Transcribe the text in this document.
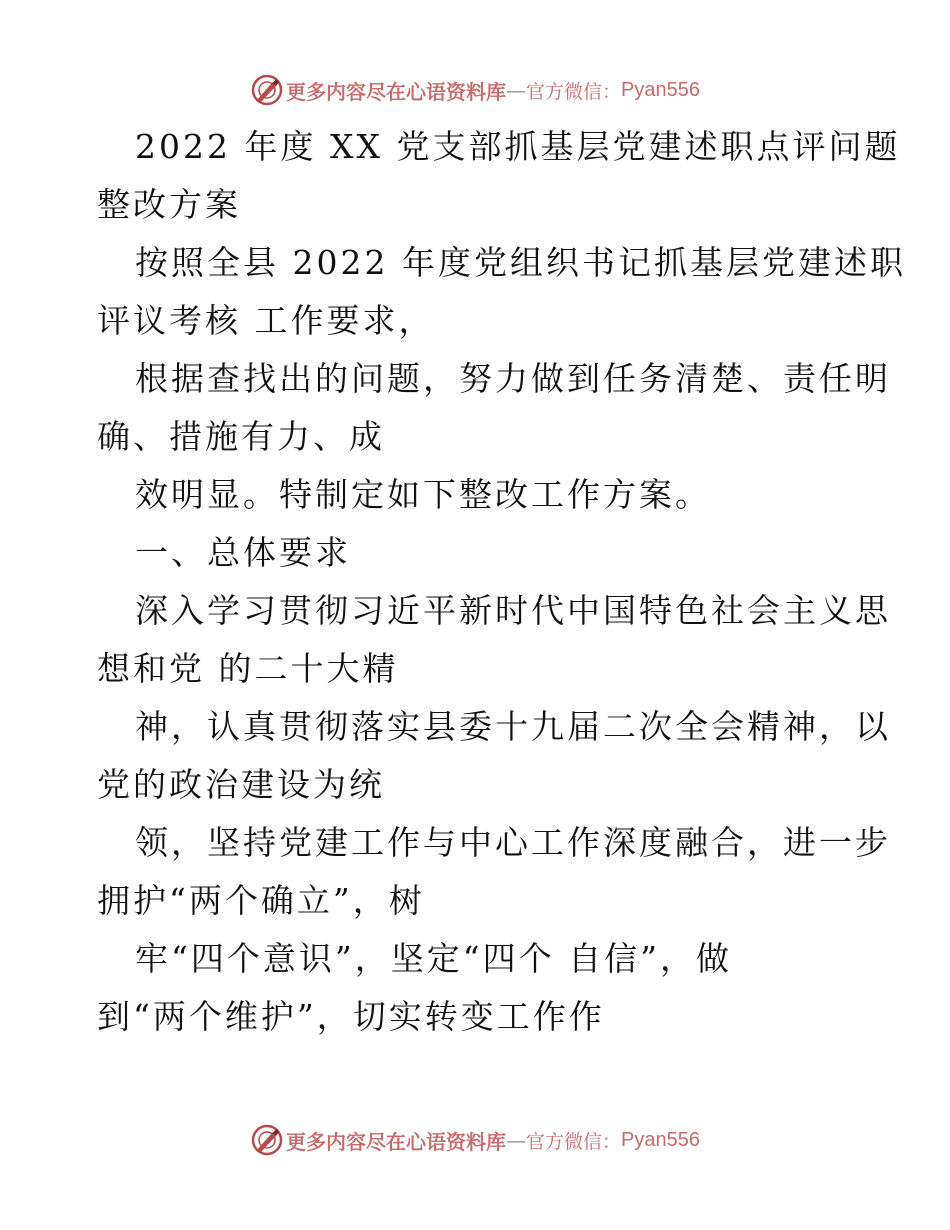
更多内容尽在心语资料库 — 官方微信： Pyan556
2022 年度 XX 党支部抓基层党建述职点评问题
整改方案
按照全县 2022 年度党组织书记抓基层党建述职
评议考核 工作要求，
根据查找出的问题，努力做到任务清楚、责任明
确、措施有力、成
效明显。特制定如下整改工作方案。
一、总体要求
深入学习贯彻习近平新时代中国特色社会主义思
想和党 的二十大精
神，认真贯彻落实县委十九届二次全会精神，以
党的政治建设为统
领，坚持党建工作与中心工作深度融合，进一步
拥护“两个确立”，树
牢“四个意识”，坚定“四个 自信”，做
到“两个维护”，切实转变工作作
更多内容尽在心语资料库 — 官方微信： Pyan556
